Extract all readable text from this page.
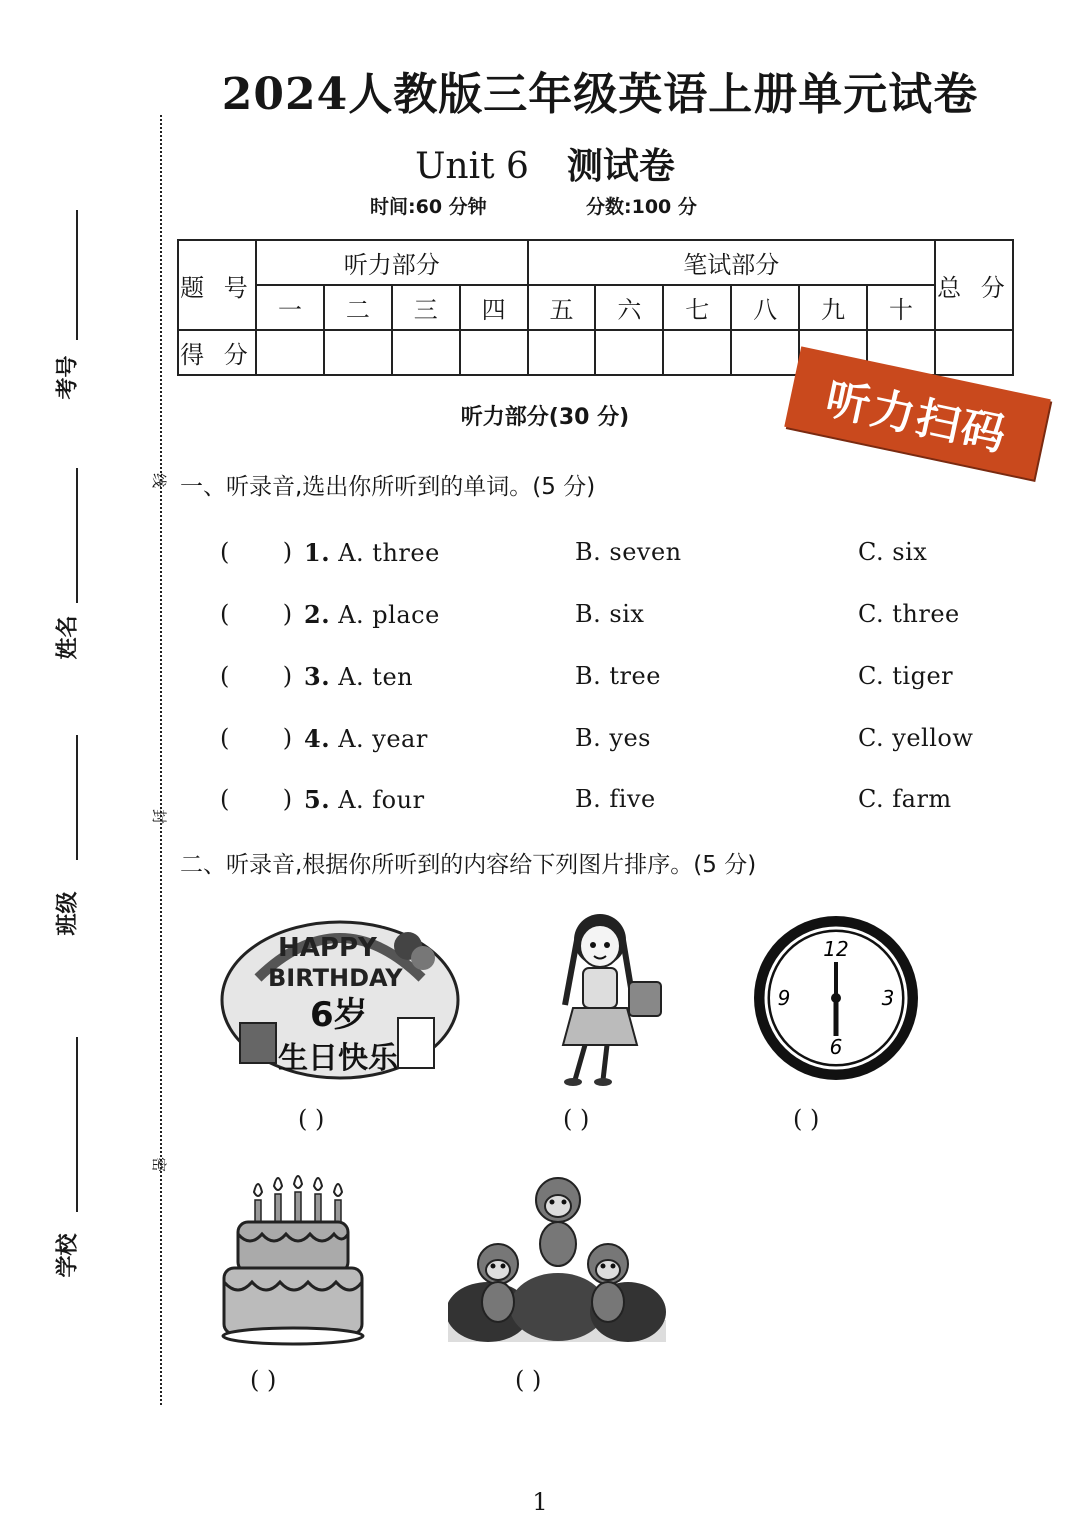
2024人教版三年级英语上册单元试卷
Unit 6 测试卷
时间:60 分钟	分数:100 分
考号
姓名
班级
学校
线
封
密
题 号	听力部分				笔试部分						总 分
	一	二	三	四	五	六	七	八	九	十	
得 分											
听力扫码
听力部分(30 分)
一、听录音,选出你所听到的单词。(5 分)
(       ) 1. A. three	B. seven	C. six
(       ) 2. A. place	B. six	C. three
(       ) 3. A. ten	B. tree	C. tiger
(       ) 4. A. year	B. yes	C. yellow
(       ) 5. A. four	B. five	C. farm
二、听录音,根据你所听到的内容给下列图片排序。(5 分)
HAPPY
BIRTHDAY
6岁
生日快乐
( )	( )
12
3
6
9
( )
( )	( )
1
